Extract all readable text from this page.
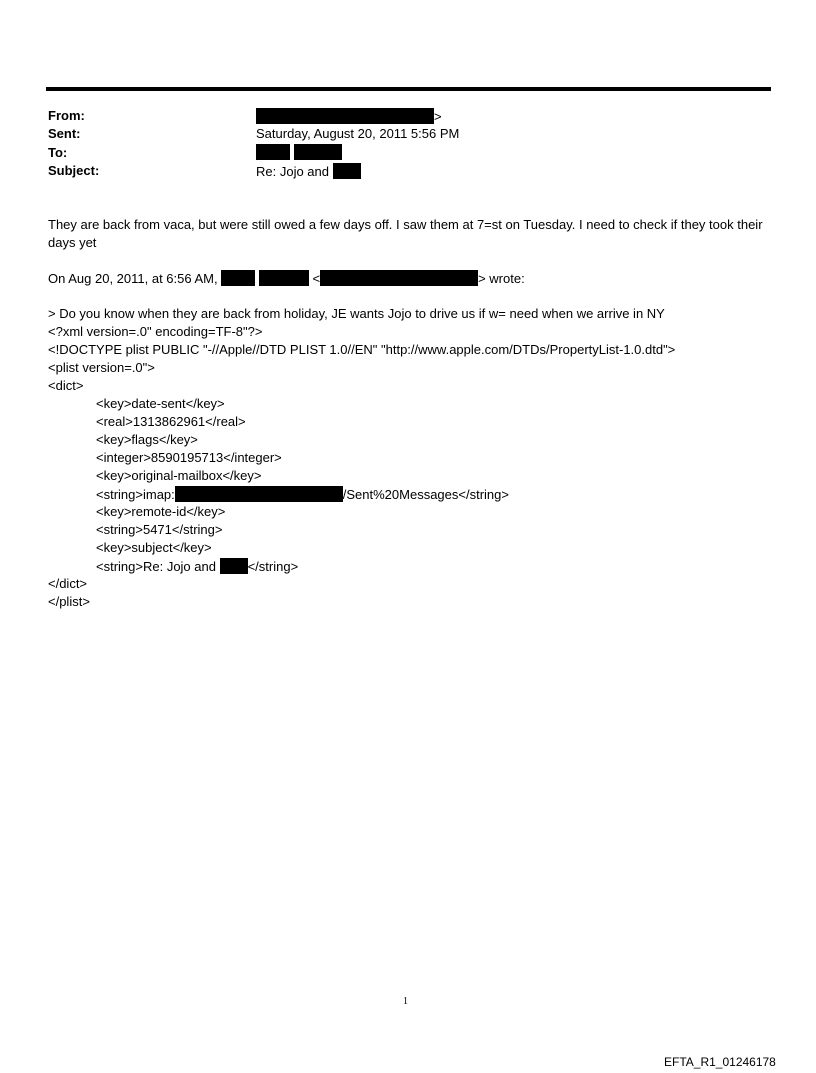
From:	>
Sent:	Saturday, August 20, 2011 5:56 PM
To:

Subject:	Re: Jojo and
They are back from vaca, but were still owed a few days off. I saw them at 7=st on Tuesday. I need to check if they took their days yet
On Aug 20, 2011, at 6:56 AM,	<	> wrote:
> Do you know when they are back from holiday, JE wants Jojo to drive us if w= need when we arrive in NY
<?xml version=.0" encoding=TF-8"?>
<!DOCTYPE plist PUBLIC "-//Apple//DTD PLIST 1.0//EN" "http://www.apple.com/DTDs/PropertyList-1.0.dtd">
<plist version=.0">
<dict>
<key>date-sent</key>
<real>1313862961</real>
<key>flags</key>
<integer>8590195713</integer>
<key>original-mailbox</key>
<string>imap:	/Sent%20Messages</string>
<key>remote-id</key>
<string>5471</string>
<key>subject</key>
<string>Re: Jojo and </string>
</dict>
</plist>
1
EFTA_R1_01246178
